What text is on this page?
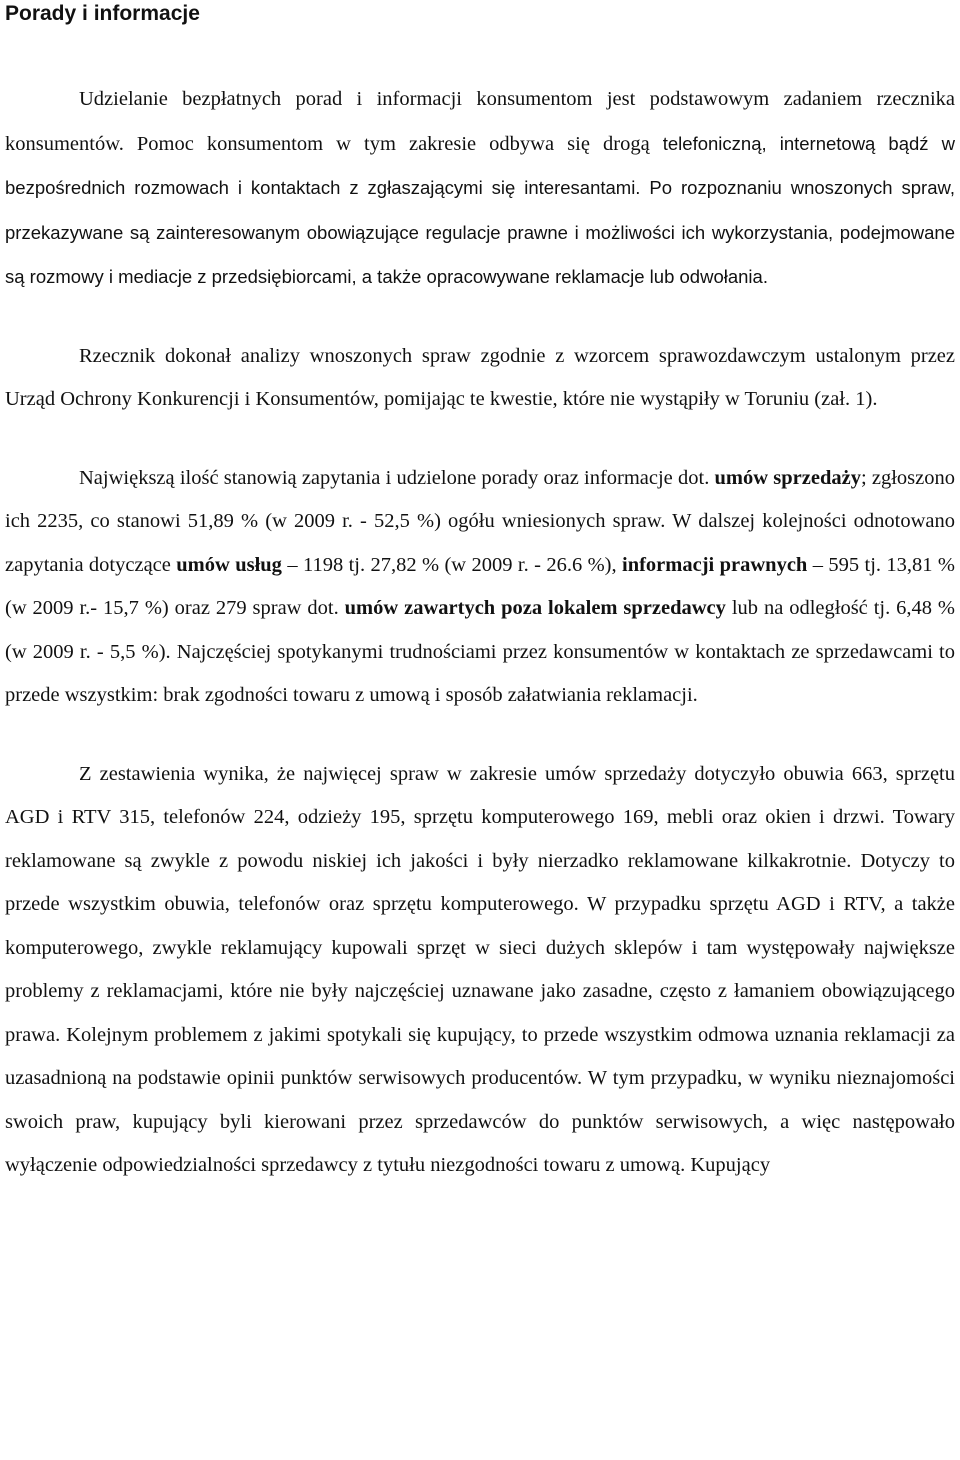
Porady i informacje

Udzielanie bezpłatnych porad i informacji konsumentom jest podstawowym zadaniem rzecznika konsumentów. Pomoc konsumentom w tym zakresie odbywa się drogą telefoniczną, internetową bądź w bezpośrednich rozmowach i kontaktach z zgłaszającymi się interesantami. Po rozpoznaniu wnoszonych spraw, przekazywane są zainteresowanym obowiązujące regulacje prawne i możliwości ich wykorzystania, podejmowane są rozmowy i mediacje z przedsiębiorcami, a także opracowywane reklamacje lub odwołania.

Rzecznik dokonał analizy wnoszonych spraw zgodnie z wzorcem sprawozdawczym ustalonym przez Urząd Ochrony Konkurencji i Konsumentów, pomijając te kwestie, które nie wystąpiły w Toruniu (zał. 1).

Największą ilość stanowią zapytania i udzielone porady oraz informacje dot. umów sprzedaży; zgłoszono ich 2235, co stanowi 51,89 % (w 2009 r. - 52,5 %) ogółu wniesionych spraw. W dalszej kolejności odnotowano zapytania dotyczące umów usług – 1198 tj. 27,82 % (w 2009 r. - 26.6 %), informacji prawnych – 595 tj. 13,81 % (w 2009 r.- 15,7 %) oraz 279 spraw dot. umów zawartych poza lokalem sprzedawcy lub na odległość tj. 6,48 % (w 2009 r. - 5,5 %). Najczęściej spotykanymi trudnościami przez konsumentów w kontaktach ze sprzedawcami to przede wszystkim: brak zgodności towaru z umową i sposób załatwiania reklamacji.

Z zestawienia wynika, że najwięcej spraw w zakresie umów sprzedaży dotyczyło obuwia 663, sprzętu AGD i RTV 315, telefonów 224, odzieży 195, sprzętu komputerowego 169, mebli oraz okien i drzwi. Towary reklamowane są zwykle z powodu niskiej ich jakości i były nierzadko reklamowane kilkakrotnie. Dotyczy to przede wszystkim obuwia, telefonów oraz sprzętu komputerowego. W przypadku sprzętu AGD i RTV, a także komputerowego, zwykle reklamujący kupowali sprzęt w sieci dużych sklepów i tam występowały największe problemy z reklamacjami, które nie były najczęściej uznawane jako zasadne, często z łamaniem obowiązującego prawa. Kolejnym problemem z jakimi spotykali się kupujący, to przede wszystkim odmowa uznania reklamacji za uzasadnioną na podstawie opinii punktów serwisowych producentów. W tym przypadku, w wyniku nieznajomości swoich praw, kupujący byli kierowani przez sprzedawców do punktów serwisowych, a więc następowało wyłączenie odpowiedzialności sprzedawcy z tytułu niezgodności towaru z umową. Kupujący
